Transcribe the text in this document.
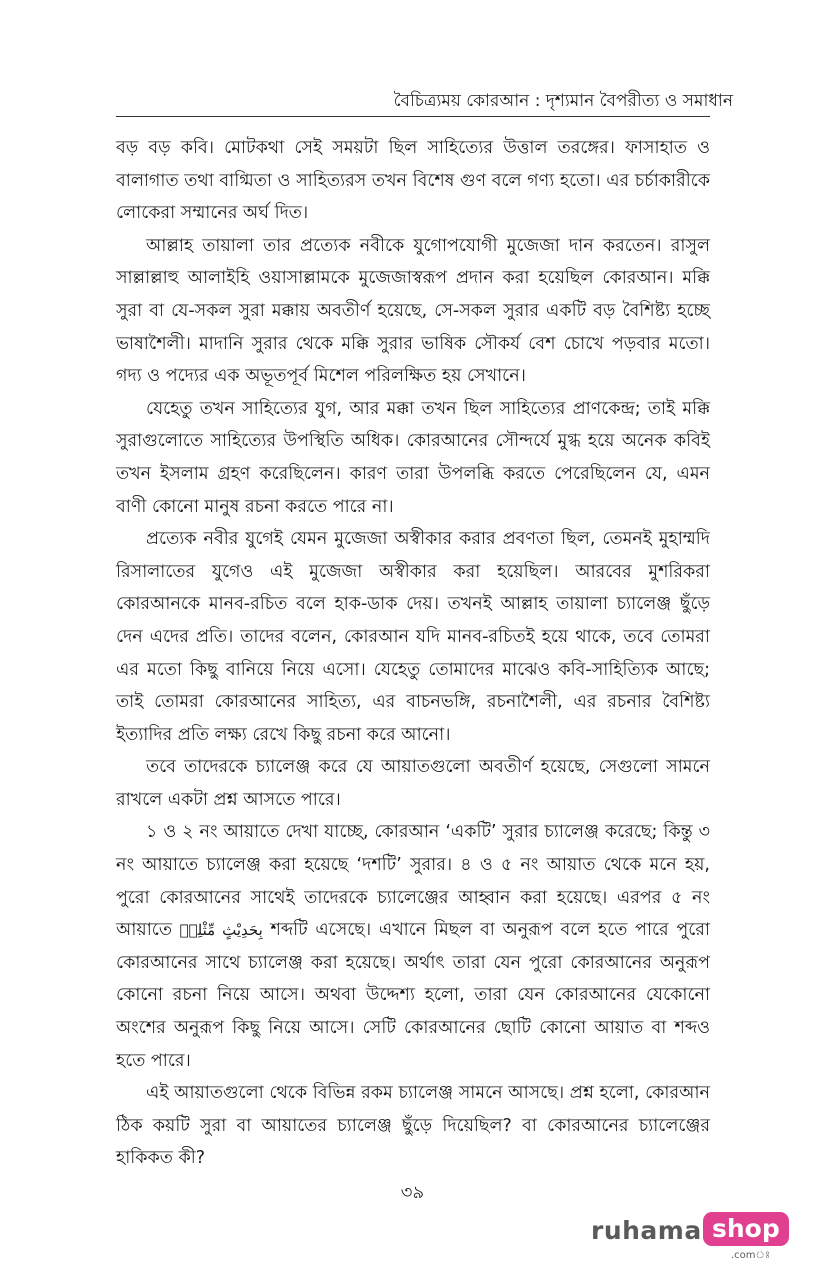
বৈচিত্র্যময় কোরআন : দৃশ্যমান বৈপরীত্য ও সমাধান

বড় বড় কবি। মোটকথা সেই সময়টা ছিল সাহিত্যের উত্তাল তরঙ্গের। ফাসাহাত ও বালাগাত তথা বাগ্মিতা ও সাহিত্যরস তখন বিশেষ গুণ বলে গণ্য হতো। এর চর্চাকারীকে লোকেরা সম্মানের অর্ঘ দিত।

আল্লাহ তায়ালা তার প্রত্যেক নবীকে যুগোপযোগী মুজেজা দান করতেন। রাসুল সাল্লাল্লাহু আলাইহি ওয়াসাল্লামকে মুজেজাস্বরূপ প্রদান করা হয়েছিল কোরআন। মক্কি সুরা বা যে-সকল সুরা মক্কায় অবতীর্ণ হয়েছে, সে-সকল সুরার একটি বড় বৈশিষ্ট্য হচ্ছে ভাষাশৈলী। মাদানি সুরার থেকে মক্কি সুরার ভাষিক সৌকর্য বেশ চোখে পড়বার মতো। গদ্য ও পদ্যের এক অভূতপূর্ব মিশেল পরিলক্ষিত হয় সেখানে।

যেহেতু তখন সাহিত্যের যুগ, আর মক্কা তখন ছিল সাহিত্যের প্রাণকেন্দ্র; তাই মক্কি সুরাগুলোতে সাহিত্যের উপস্থিতি অধিক। কোরআনের সৌন্দর্যে মুগ্ধ হয়ে অনেক কবিই তখন ইসলাম গ্রহণ করেছিলেন। কারণ তারা উপলব্ধি করতে পেরেছিলেন যে, এমন বাণী কোনো মানুষ রচনা করতে পারে না।

প্রত্যেক নবীর যুগেই যেমন মুজেজা অস্বীকার করার প্রবণতা ছিল, তেমনই মুহাম্মদি রিসালাতের যুগেও এই মুজেজা অস্বীকার করা হয়েছিল। আরবের মুশরিকরা কোরআনকে মানব-রচিত বলে হাক-ডাক দেয়। তখনই আল্লাহ তায়ালা চ্যালেঞ্জ ছুঁড়ে দেন এদের প্রতি। তাদের বলেন, কোরআন যদি মানব-রচিতই হয়ে থাকে, তবে তোমরা এর মতো কিছু বানিয়ে নিয়ে এসো। যেহেতু তোমাদের মাঝেও কবি-সাহিত্যিক আছে; তাই তোমরা কোরআনের সাহিত্য, এর বাচনভঙ্গি, রচনাশৈলী, এর রচনার বৈশিষ্ট্য ইত্যাদির প্রতি লক্ষ্য রেখে কিছু রচনা করে আনো।

তবে তাদেরকে চ্যালেঞ্জ করে যে আয়াতগুলো অবতীর্ণ হয়েছে, সেগুলো সামনে রাখলে একটা প্রশ্ন আসতে পারে।

১ ও ২ নং আয়াতে দেখা যাচ্ছে, কোরআন ‘একটি’ সুরার চ্যালেঞ্জ করেছে; কিন্তু ৩ নং আয়াতে চ্যালেঞ্জ করা হয়েছে ‘দশটি’ সুরার। ৪ ও ৫ নং আয়াত থেকে মনে হয়, পুরো কোরআনের সাথেই তাদেরকে চ্যালেঞ্জের আহ্বান করা হয়েছে। এরপর ৫ নং আয়াতে بِحَدِيْثٍ مِّثْلِهٖ শব্দটি এসেছে। এখানে মিছল বা অনুরূপ বলে হতে পারে পুরো কোরআনের সাথে চ্যালেঞ্জ করা হয়েছে। অর্থাৎ তারা যেন পুরো কোরআনের অনুরূপ কোনো রচনা নিয়ে আসে। অথবা উদ্দেশ্য হলো, তারা যেন কোরআনের যেকোনো অংশের অনুরূপ কিছু নিয়ে আসে। সেটি কোরআনের ছোটি কোনো আয়াত বা শব্দও হতে পারে।

এই আয়াতগুলো থেকে বিভিন্ন রকম চ্যালেঞ্জ সামনে আসছে। প্রশ্ন হলো, কোরআন ঠিক কয়টি সুরা বা আয়াতের চ্যালেঞ্জ ছুঁড়ে দিয়েছিল? বা কোরআনের চ্যালেঞ্জের হাকিকত কী?

৩৯
ruhama shop
.comঃ
